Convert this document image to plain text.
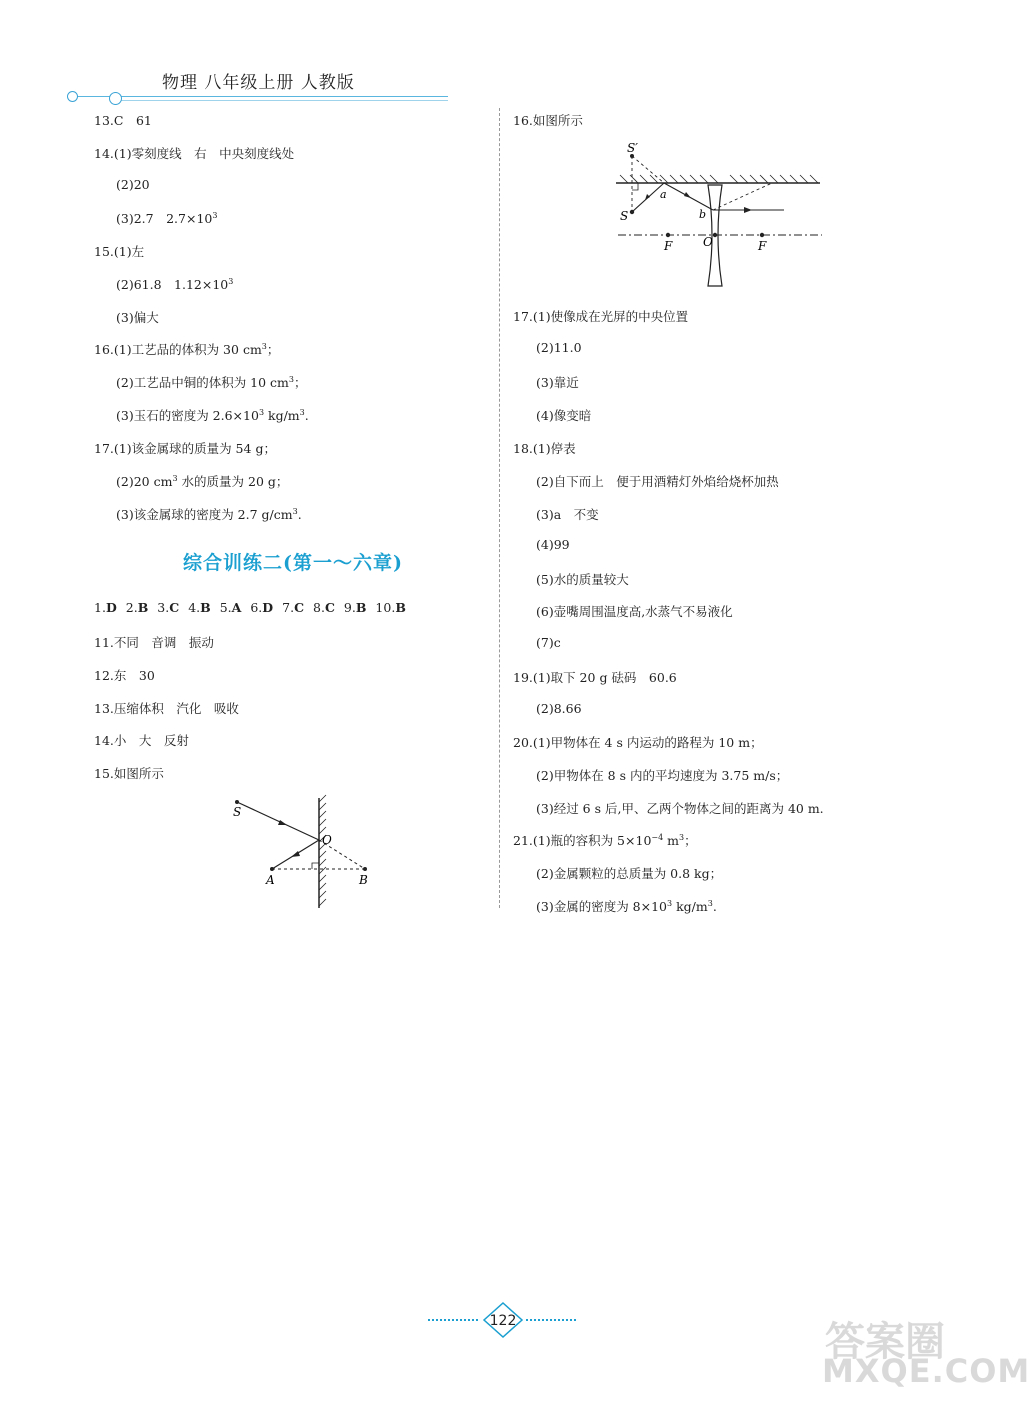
物理 八年级上册 人教版
13.C　61
14.(1)零刻度线　右　中央刻度线处
(2)20
(3)2.7　$2.7\times 10^3$
15.(1)左
(2)61.8　$1.12\times 10^3$
(3)偏大
16.(1)工艺品的体积为 30 $cm^3$；
(2)工艺品中铜的体积为 10 $cm^3$；
(3)玉石的密度为 $2.6\times 10^3$ $kg/m^3$.
17.(1)该金属球的质量为 54 g；
(2)20 $cm^3$ 水的质量为 20 g；
(3)该金属球的密度为 2.7 $g/cm^3$.
综合训练二(第一～六章)
1.D 2.B 3.C 4.B 5.A 6.D 7.C 8.C 9.B 10.B
11.不同　音调　振动
12.东　30
13.压缩体积　汽化　吸收
14.小　大　反射
15.如图所示
S
O
A	B
16.如图所示
S′
S
a
b
F	O	F
17.(1)使像成在光屏的中央位置
(2)11.0
(3)靠近
(4)像变暗
18.(1)停表
(2)自下而上　便于用酒精灯外焰给烧杯加热
(3)a　不变
(4)99
(5)水的质量较大
(6)壶嘴周围温度高,水蒸气不易液化
(7)c
19.(1)取下 20 g 砝码　60.6
(2)8.66
20.(1)甲物体在 4 s 内运动的路程为 10 m；
(2)甲物体在 8 s 内的平均速度为 3.75 m/s；
(3)经过 6 s 后,甲、乙两个物体之间的距离为 40 m.
21.(1)瓶的容积为 $5\times 10^{-4}$ $m^3$；
(2)金属颗粒的总质量为 0.8 kg；
(3)金属的密度为 $8\times 10^3$ $kg/m^3$.
122	答案圈
MXQE.COM
